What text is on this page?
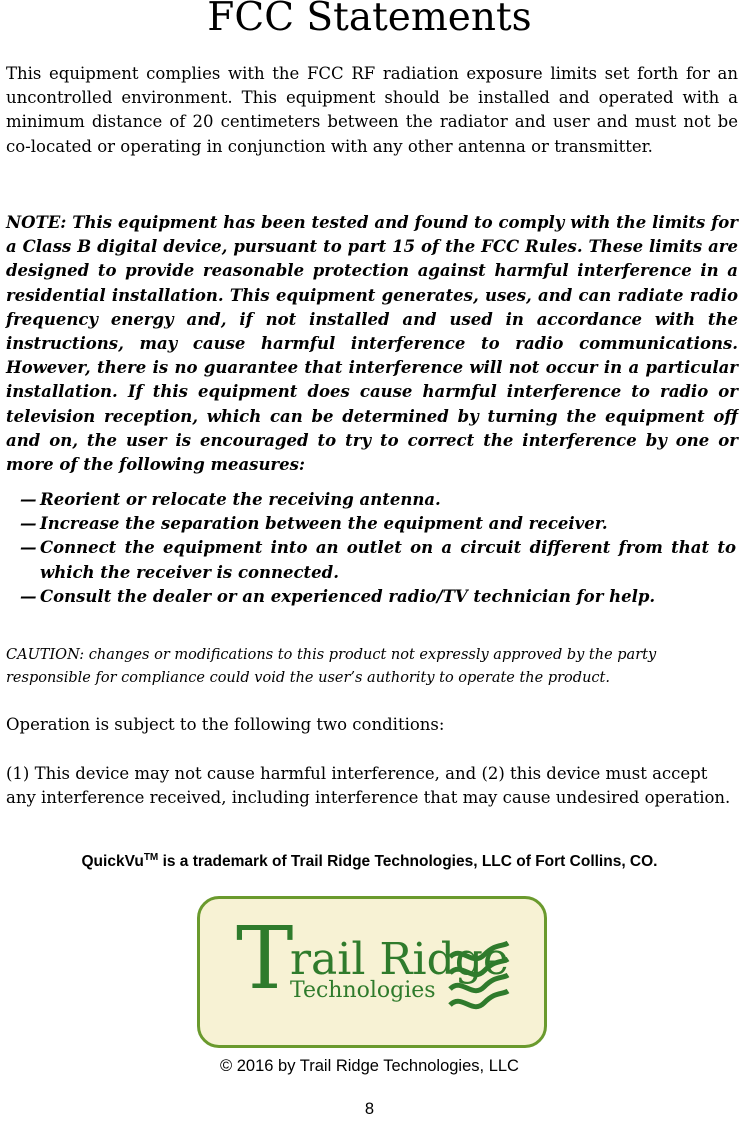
FCC Statements

This equipment complies with the FCC RF radiation exposure limits set forth for an uncontrolled environment. This equipment should be installed and operated with a minimum distance of 20 centimeters between the radiator and user and must not be co-located or operating in conjunction with any other antenna or transmitter.

NOTE: This equipment has been tested and found to comply with the limits for a Class B digital device, pursuant to part 15 of the FCC Rules. These limits are designed to provide reasonable protection against harmful interference in a residential installation. This equipment generates, uses, and can radiate radio frequency energy and, if not installed and used in accordance with the instructions, may cause harmful interference to radio communications. However, there is no guarantee that interference will not occur in a particular installation. If this equipment does cause harmful interference to radio or television reception, which can be determined by turning the equipment off and on, the user is encouraged to try to correct the interference by one or more of the following measures:

— Reorient or relocate the receiving antenna.
— Increase the separation between the equipment and receiver.
— Connect the equipment into an outlet on a circuit different from that to which the receiver is connected.
— Consult the dealer or an experienced radio/TV technician for help.

CAUTION: changes or modifications to this product not expressly approved by the party responsible for compliance could void the user’s authority to operate the product.

Operation is subject to the following two conditions:

(1) This device may not cause harmful interference, and (2) this device must accept any interference received, including interference that may cause undesired operation.

QuickVu™ is a trademark of Trail Ridge Technologies, LLC of Fort Collins, CO.

T
rail Ridge
Technologies

© 2016 by Trail Ridge Technologies, LLC

8
